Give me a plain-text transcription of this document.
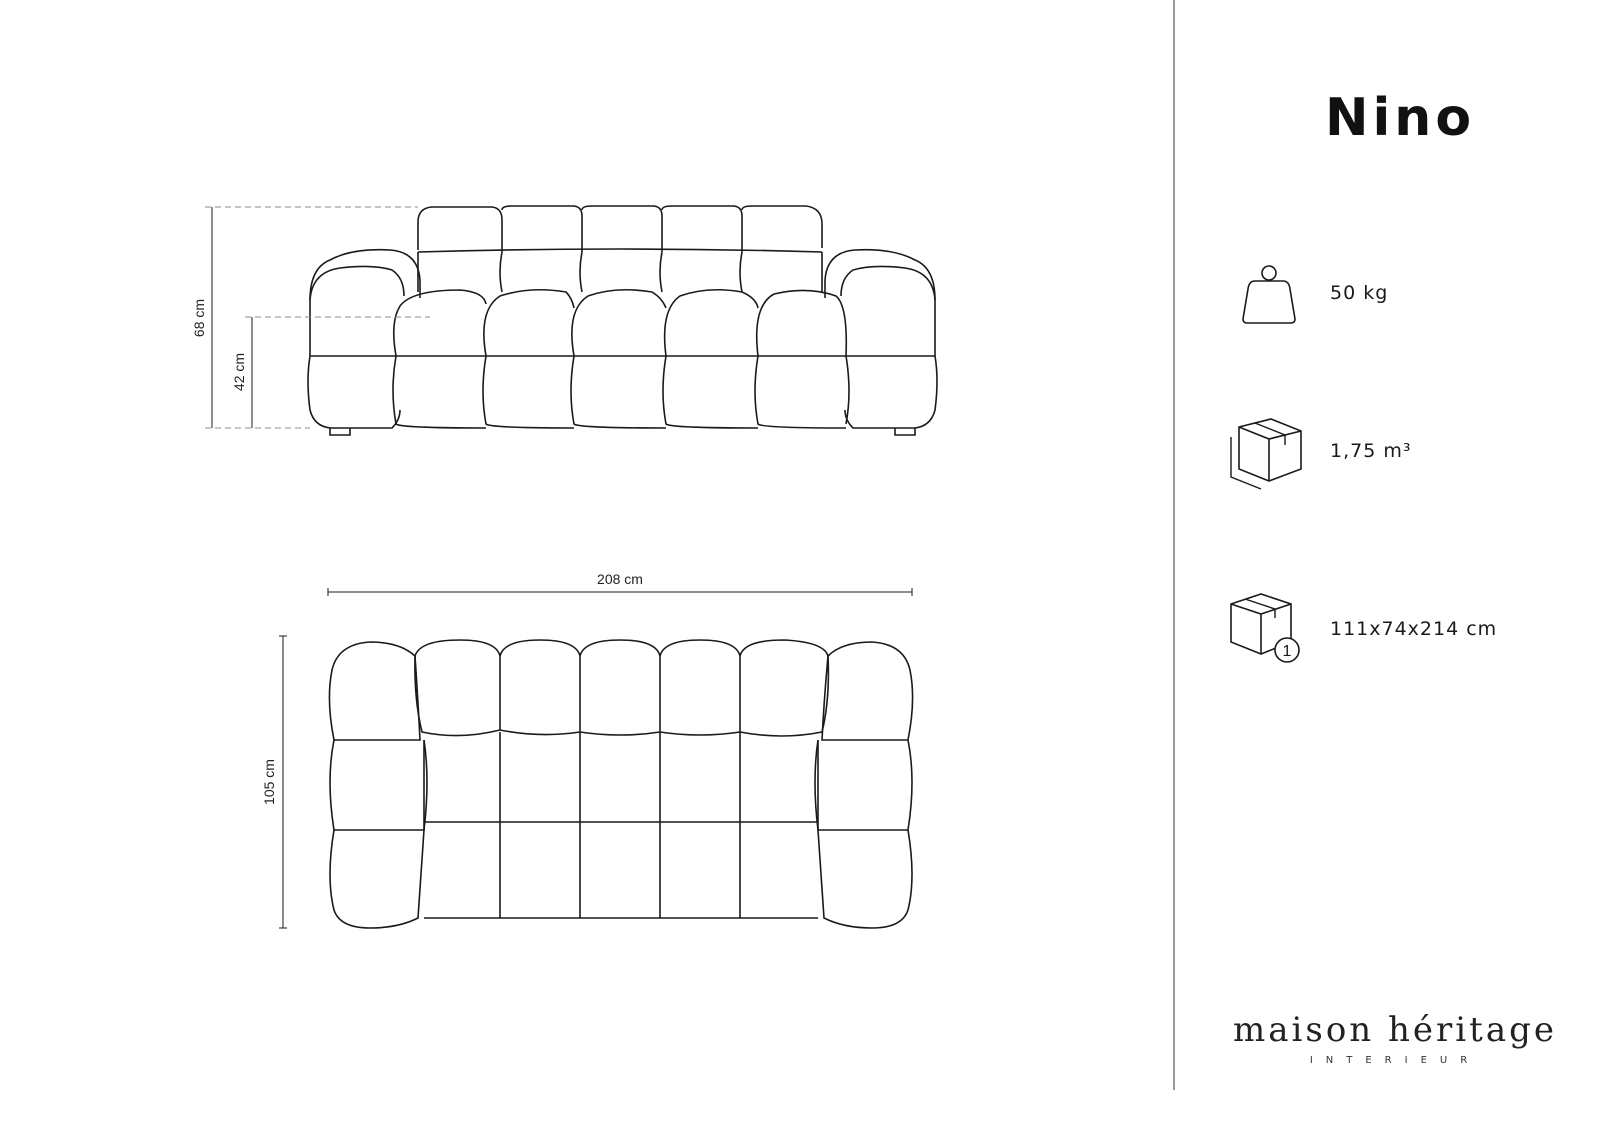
68 cm
42 cm
208 cm
105 cm
Nino
50 kg
1,75 m³
1
111x74x214 cm
maison héritage
INTERIEUR
